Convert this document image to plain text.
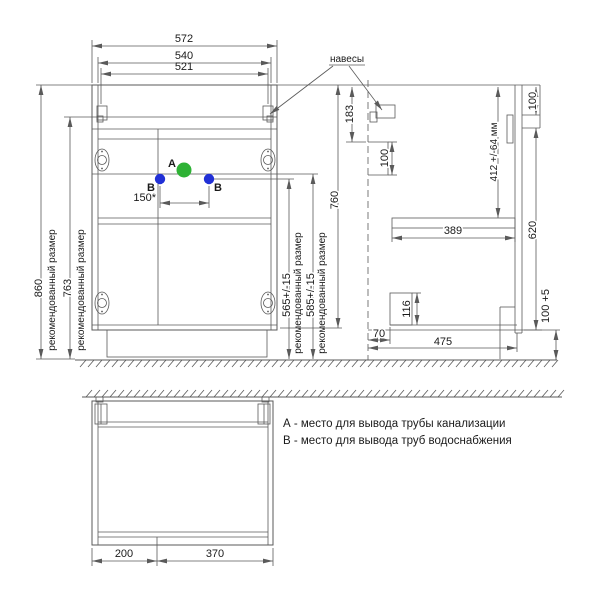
A
B	B
150*
572
540
521
860 рекомендованный размер 763 рекомендованный размер	565+/-15 рекомендованный размер 585+/-15 рекомендованный размер
760
навесы
183
100	412 +/-64 мм
100
620
389
116
70
475
100 +5
200	370
А - место для вывода трубы канализации
В - место для вывода труб водоснабжения
